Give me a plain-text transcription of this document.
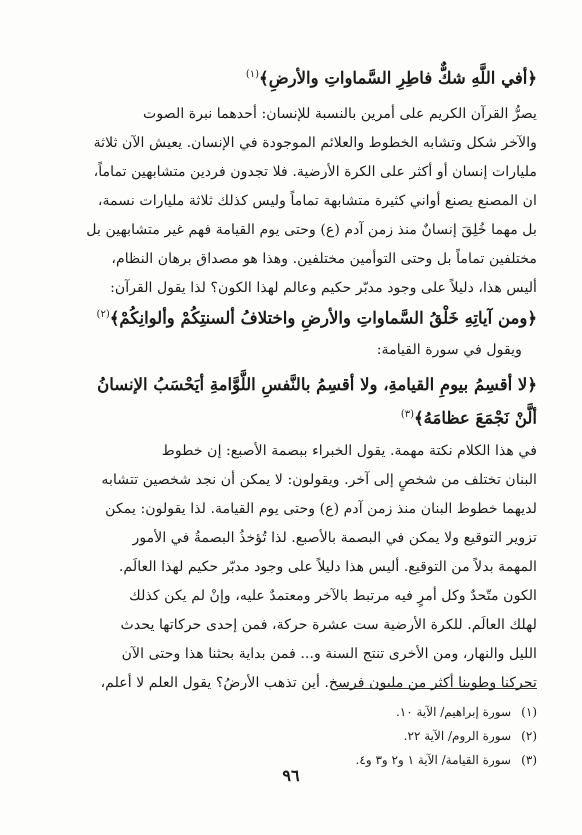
﴿أفي اللَّهِ شكٌّ فاطِرِ السَّماواتِ والأرضِ﴾$^{(١)}$
يصرُّ القرآن الكريم على أمرين بالنسبة للإنسان: أحدهما نبرة الصوت
والآخر شكل وتشابه الخطوط والعلائم الموجودة في الإنسان. يعيش الآن ثلاثة
مليارات إنسان أو أكثر على الكرة الأرضية. فلا تجدون فردين متشابهين تماماً،
ان المصنع يصنع أواني كثيرة متشابهة تماماً وليس كذلك ثلاثة مليارات نسمة،
بل مهما خُلِقَ إنسانٌ منذ زمن آدم (ع) وحتى يوم القيامة فهم غير متشابهين بل
مختلفين تماماً بل وحتى التوأمين مختلفين. وهذا هو مصداق برهان النظام،
أليس هذا، دليلاً على وجود مدبّر حكيم وعالم لهذا الكون؟ لذا يقول القرآن:
﴿ومن آياتِهِ خَلْقُ السَّماواتِ والأرضِ واختلافُ ألسنتِكُمْ وألوانِكُمْ﴾$^{(٢)}$
ويقول في سورة القيامة:
﴿لا أقسِمُ بيومِ القيامةِ، ولا أقسِمُ بالنَّفسِ اللَّوَّامةِ أيَحْسَبُ الإنسانُ
ألَّنْ نَجْمَعَ عظامَهُ﴾$^{(٣)}$
في هذا الكلام نكتة مهمة. يقول الخبراء ببصمة الأصبع: إن خطوط
البنان تختلف من شخصٍ إلى آخر. ويقولون: لا يمكن أن نجد شخصين تتشابه
لديهما خطوط البنان منذ زمن آدم (ع) وحتى يوم القيامة. لذا يقولون: يمكن
تزوير التوقيع ولا يمكن في البصمة بالأصبع. لذا تُؤخذُ البصمةُ في الأمور
المهمة بدلاً من التوقيع. أليس هذا دليلاً على وجود مدبّر حكيم لهذا العالَم.
الكون متّحدٌ وكل أمرٍ فيه مرتبط بالآخر ومعتمدٌ عليه، وإنْ لم يكن كذلك
لهلك العالَم. للكرة الأرضية ست عشرة حركة، فمن إحدى حركاتها يحدث
الليل والنهار، ومن الأخرى تنتج السنة و... فمن بداية بحثنا هذا وحتى الآن
تحركنا وطوينا أكثر من مليون فرسخ. أين تذهب الأرضُ؟ يقول العلم لا أعلم،
(١)سورة إبراهيم/ الآية ١٠.
(٢)سورة الروم/ الآية ٢٢.
(٣)سورة القيامة/ الآية ١ و٢ و٣ و٤.
٩٦
